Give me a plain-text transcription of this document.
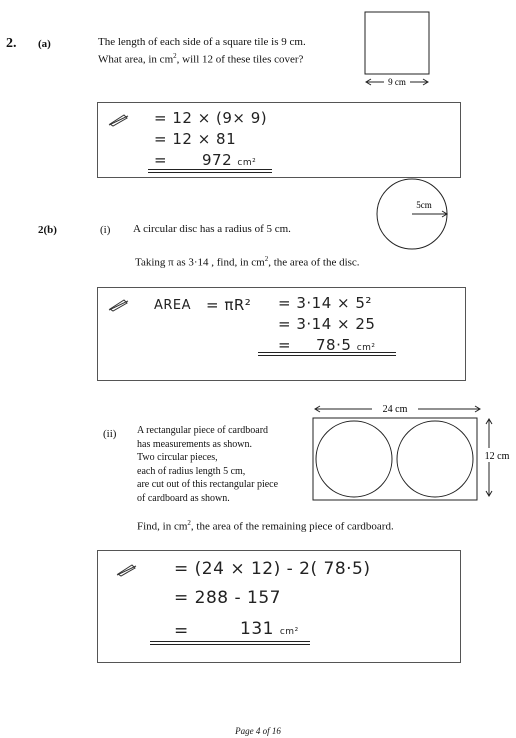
2. (a)	The length of each side of a square tile is 9 cm.
What area, in $cm^2$, will 12 of these tiles cover?
9 cm
= 12 × (9× 9)
= 12 × 81
= 972 cm²
2(b)	(i) A circular disc has a radius of 5 cm.
Taking π as 3·14 , find, in $cm^2$, the area of the disc.
5cm
AREA = πR² = 3·14 × 5²
= 3·14 × 25
= 78·5 cm²
(ii) A rectangular piece of cardboard
has measurements as shown.
Two circular pieces,
each of radius length 5 cm,
are cut out of this rectangular piece
of cardboard as shown.
24 cm
12 cm
Find, in $cm^2$, the area of the remaining piece of cardboard.
= (24 × 12) - 2( 78·5)
= 288 - 157
=	131 cm²
Page 4 of 16
